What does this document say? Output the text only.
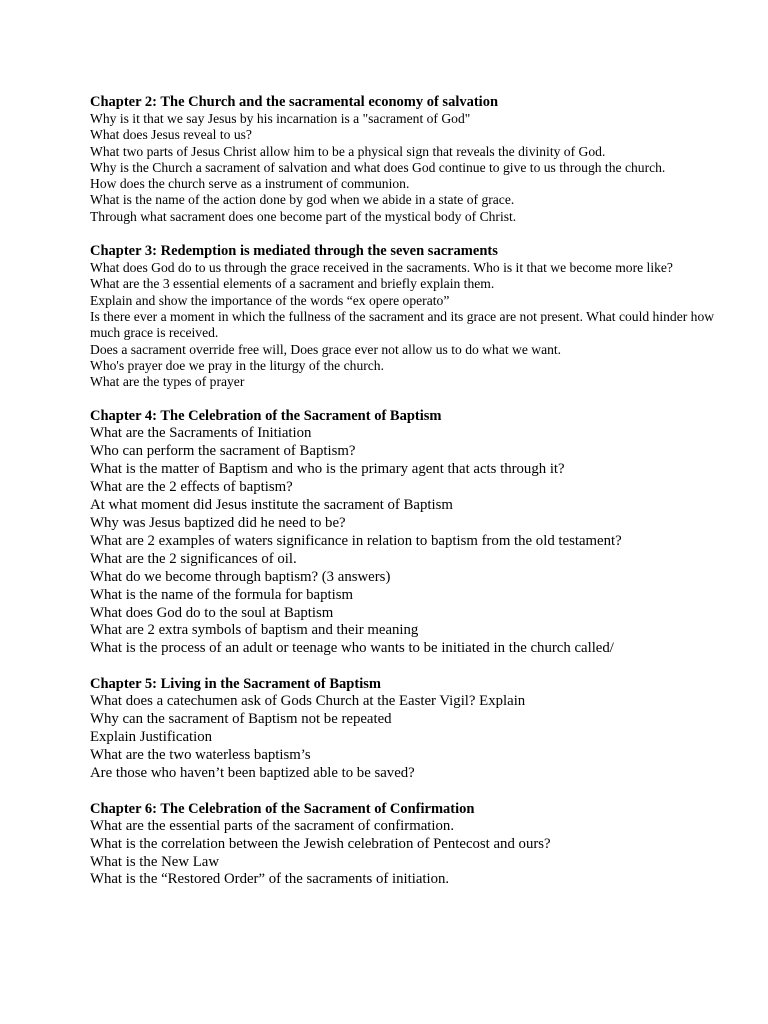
Chapter 2: The Church and the sacramental economy of salvation

Why is it that we say Jesus by his incarnation is a "sacrament of God"

What does Jesus reveal to us?

What two parts of Jesus Christ allow him to be a physical sign that reveals the divinity of God.

Why is the Church a sacrament of salvation and what does God continue to give to us through the church.

How does the church serve as a instrument of communion.

What is the name of the action done by god when we abide in a state of grace.

Through what sacrament does one become part of the mystical body of Christ.

Chapter 3: Redemption is mediated through the seven sacraments

What does God do to us through the grace received in the sacraments. Who is it that we become more like?

What are the 3 essential elements of a sacrament and briefly explain them.

Explain and show the importance of the words “ex opere operato”

Is there ever a moment in which the fullness of the sacrament and its grace are not present. What could hinder how much grace is received.

Does a sacrament override free will, Does grace ever not allow us to do what we want.

Who's prayer doe we pray in the liturgy of the church.

What are the types of prayer

Chapter 4: The Celebration of the Sacrament of Baptism

What are the Sacraments of Initiation

Who can perform the sacrament of Baptism?

What is the matter of Baptism and who is the primary agent that acts through it?

What are the 2 effects of baptism?

At what moment did Jesus institute the sacrament of Baptism

Why was Jesus baptized did he need to be?

What are 2 examples of waters significance in relation to baptism from the old testament?

What are the 2 significances of oil.

What do we become through baptism? (3 answers)

What is the name of the formula for baptism

What does God do to the soul at Baptism

What are 2 extra symbols of baptism and their meaning

What is the process of an adult or teenage who wants to be initiated in the church called/

Chapter 5: Living in the Sacrament of Baptism

What does a catechumen ask of Gods Church at the Easter Vigil? Explain

Why can the sacrament of Baptism not be repeated

Explain Justification

What are the two waterless baptism’s

Are those who haven’t been baptized able to be saved?

Chapter 6: The Celebration of the Sacrament of Confirmation

What are the essential parts of the sacrament of confirmation.

What is the correlation between the Jewish celebration of Pentecost and ours?

What is the New Law

What is the “Restored Order” of the sacraments of initiation.
